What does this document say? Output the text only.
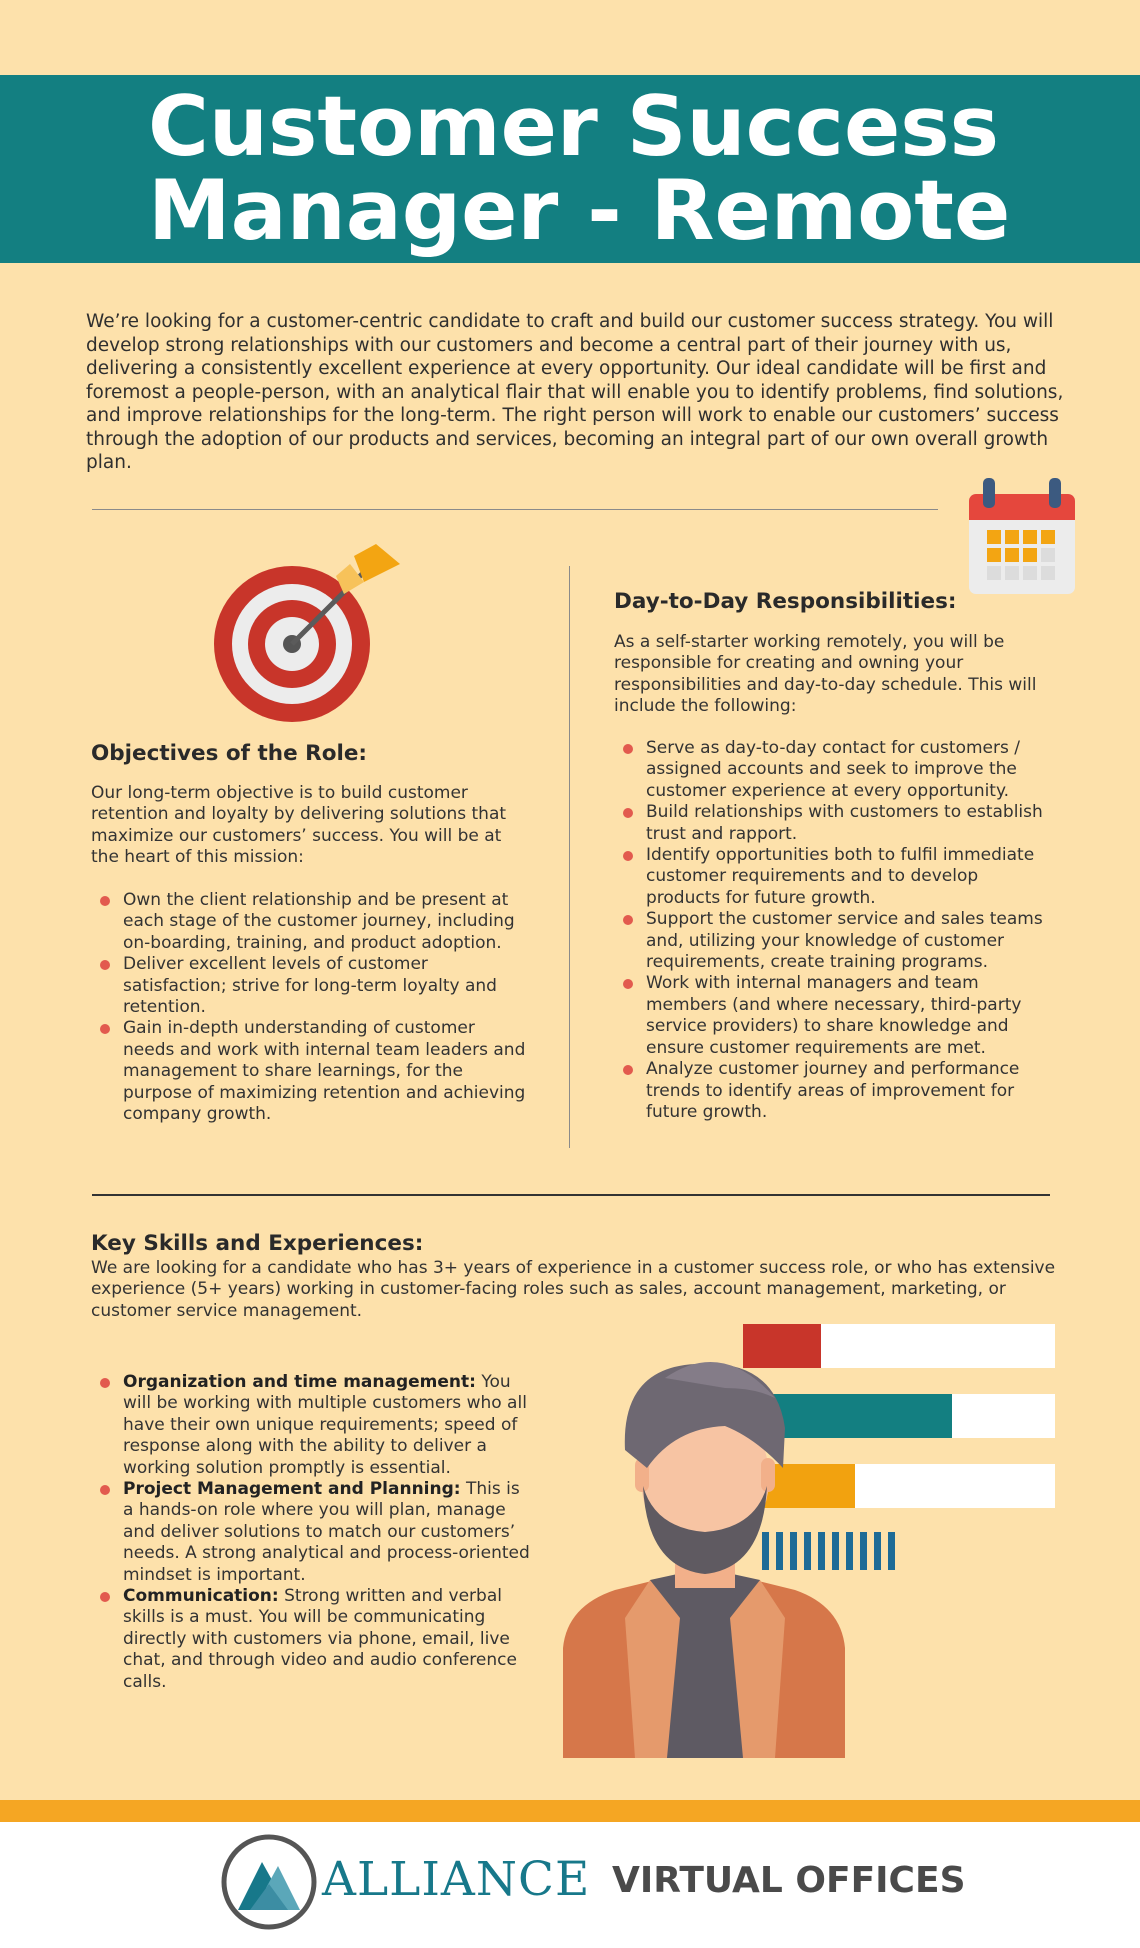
Customer Success
Manager - Remote

We’re looking for a customer-centric candidate to craft and build our customer success strategy. You will develop strong relationships with our customers and become a central part of their journey with us, delivering a consistently excellent experience at every opportunity. Our ideal candidate will be first and foremost a people-person, with an analytical flair that will enable you to identify problems, find solutions, and improve relationships for the long-term. The right person will work to enable our customers’ success through the adoption of our products and services, becoming an integral part of our own overall growth plan.

Objectives of the Role:

Our long-term objective is to build customer retention and loyalty by delivering solutions that maximize our customers’ success. You will be at the heart of this mission:

Own the client relationship and be present at each stage of the customer journey, including on-boarding, training, and product adoption.
Deliver excellent levels of customer satisfaction; strive for long-term loyalty and retention.
Gain in-depth understanding of customer needs and work with internal team leaders and management to share learnings, for the purpose of maximizing retention and achieving company growth.
Day-to-Day Responsibilities:

As a self-starter working remotely, you will be responsible for creating and owning your responsibilities and day-to-day schedule. This will include the following:

Serve as day-to-day contact for customers / assigned accounts and seek to improve the customer experience at every opportunity.
Build relationships with customers to establish trust and rapport.
Identify opportunities both to fulfil immediate customer requirements and to develop products for future growth.
Support the customer service and sales teams and, utilizing your knowledge of customer requirements, create training programs.
Work with internal managers and team members (and where necessary, third-party service providers) to share knowledge and ensure customer requirements are met.
Analyze customer journey and performance trends to identify areas of improvement for future growth.
Key Skills and Experiences:

We are looking for a candidate who has 3+ years of experience in a customer success role, or who has extensive experience (5+ years) working in customer-facing roles such as sales, account management, marketing, or customer service management.

Organization and time management: You will be working with multiple customers who all have their own unique requirements; speed of response along with the ability to deliver a working solution promptly is essential.
Project Management and Planning: This is a hands-on role where you will plan, manage and deliver solutions to match our customers’ needs. A strong analytical and process-oriented mindset is important.
Communication: Strong written and verbal skills is a must. You will be communicating directly with customers via phone, email, live chat, and through video and audio conference calls.
ALLIANCE VIRTUAL OFFICES
